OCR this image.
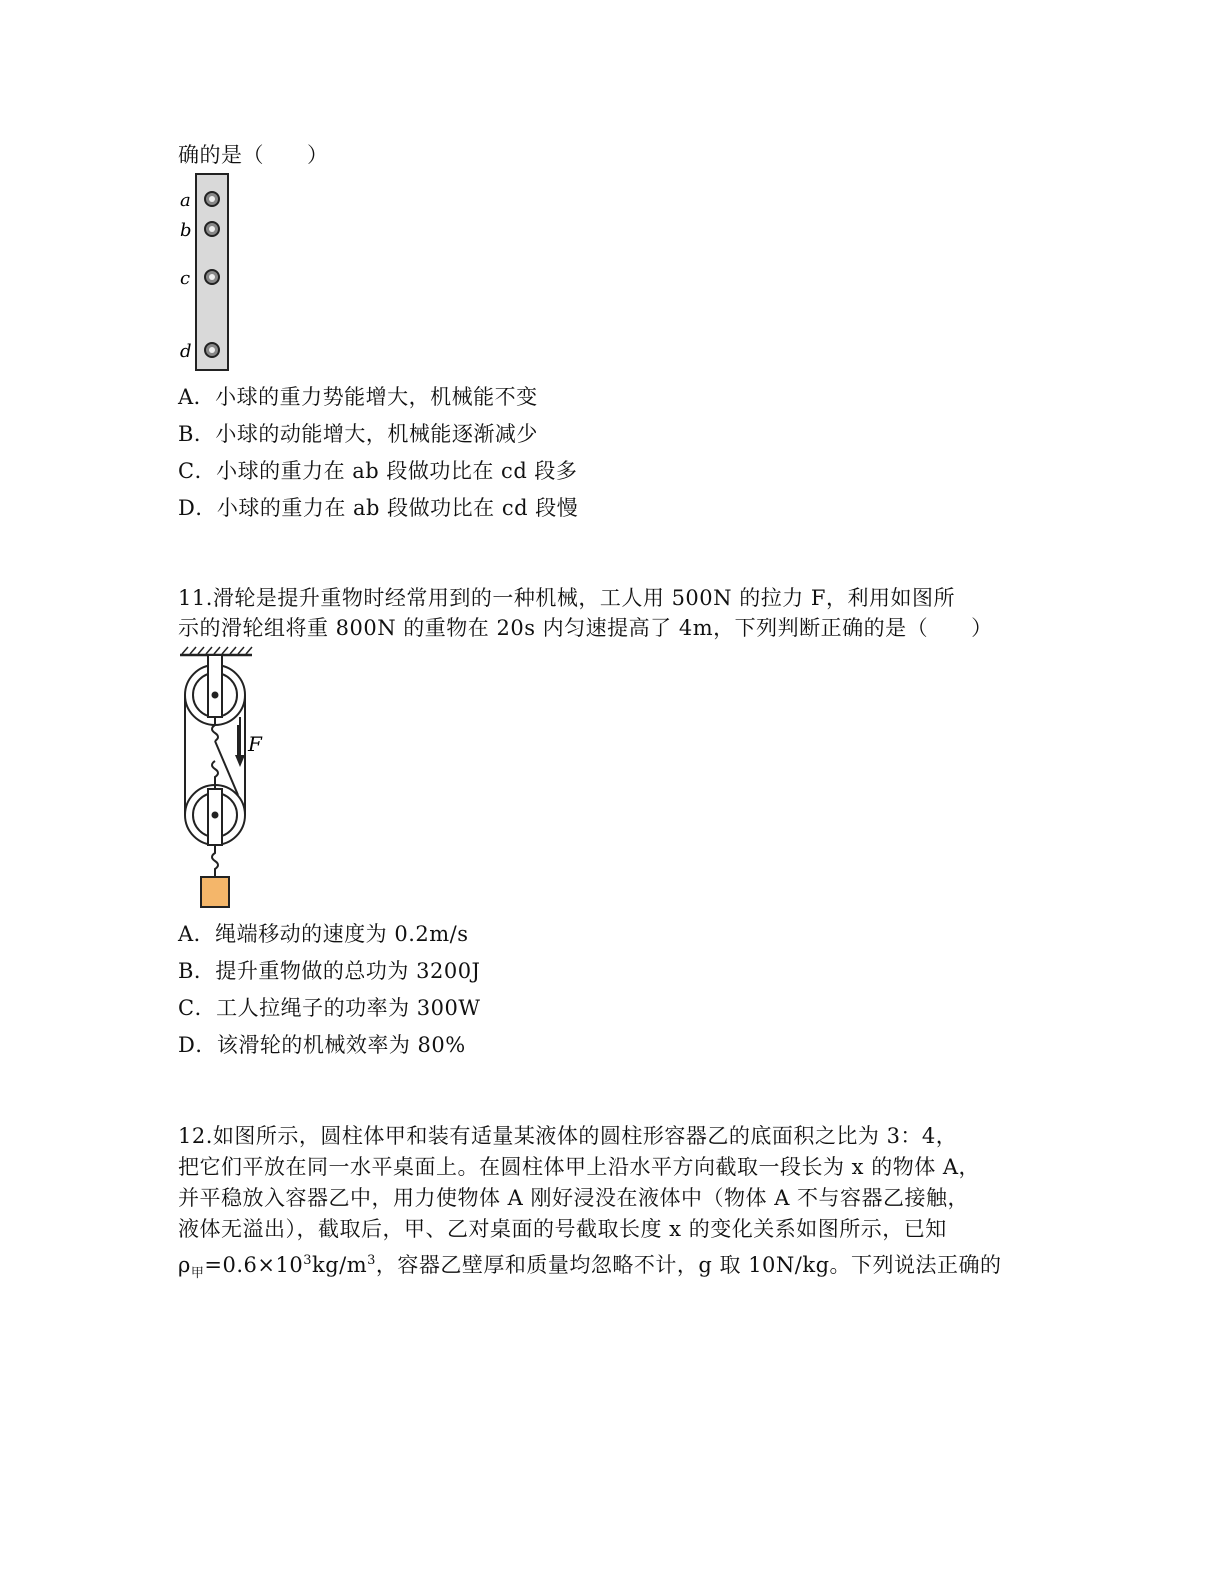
确的是（　　）
a
b
c
d
A．小球的重力势能增大，机械能不变
B．小球的动能增大，机械能逐渐减少
C．小球的重力在 ab 段做功比在 cd 段多
D．小球的重力在 ab 段做功比在 cd 段慢
11.滑轮是提升重物时经常用到的一种机械，工人用 500N 的拉力 F，利用如图所
示的滑轮组将重 800N 的重物在 20s 内匀速提高了 4m，下列判断正确的是（　　）
F
A．绳端移动的速度为 0.2m/s
B．提升重物做的总功为 3200J
C．工人拉绳子的功率为 300W
D．该滑轮的机械效率为 80%
12.如图所示，圆柱体甲和装有适量某液体的圆柱形容器乙的底面积之比为 3：4，
把它们平放在同一水平桌面上。在圆柱体甲上沿水平方向截取一段长为 x 的物体 A，
并平稳放入容器乙中，用力使物体 A 刚好浸没在液体中（物体 A 不与容器乙接触，
液体无溢出），截取后，甲、乙对桌面的号截取长度 x 的变化关系如图所示，已知
$\rho_甲=0.6\times 10^3kg/m^3$，容器乙壁厚和质量均忽略不计，g 取 10N/kg。下列说法正确的
